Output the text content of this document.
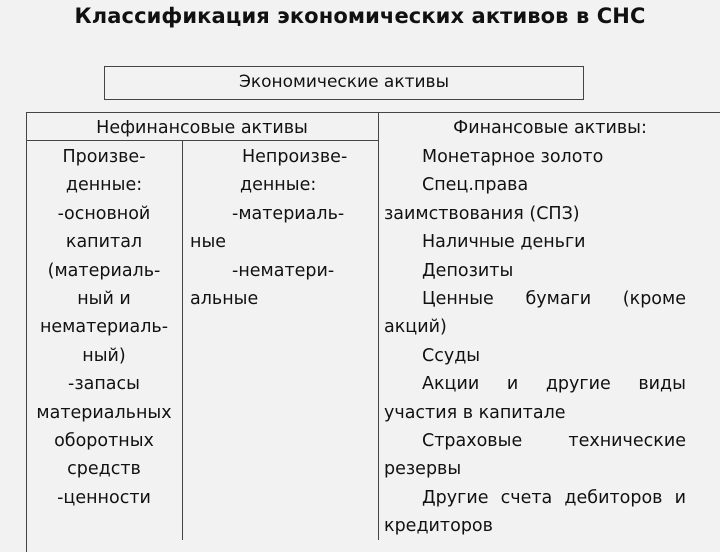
Классификация экономических активов в СНС
Экономические активы
Нефинансовые активы
Произве-
денные:
-основной
капитал
(материаль-
ный и
нематериаль-
ный)
-запасы
материальных
оборотных
средств
-ценности
Непроизве-
денные:
-материаль-
ные
-нематери-
альные
Финансовые активы:
Монетарное золото
Спец.права
заимствования (СПЗ)
Наличные деньги
Депозиты
Ценные бумаги (кроме
акций)
Ссуды
Акции и другие виды
участия в капитале
Страховые	технические
резервы
Другие счета дебиторов и
кредиторов
